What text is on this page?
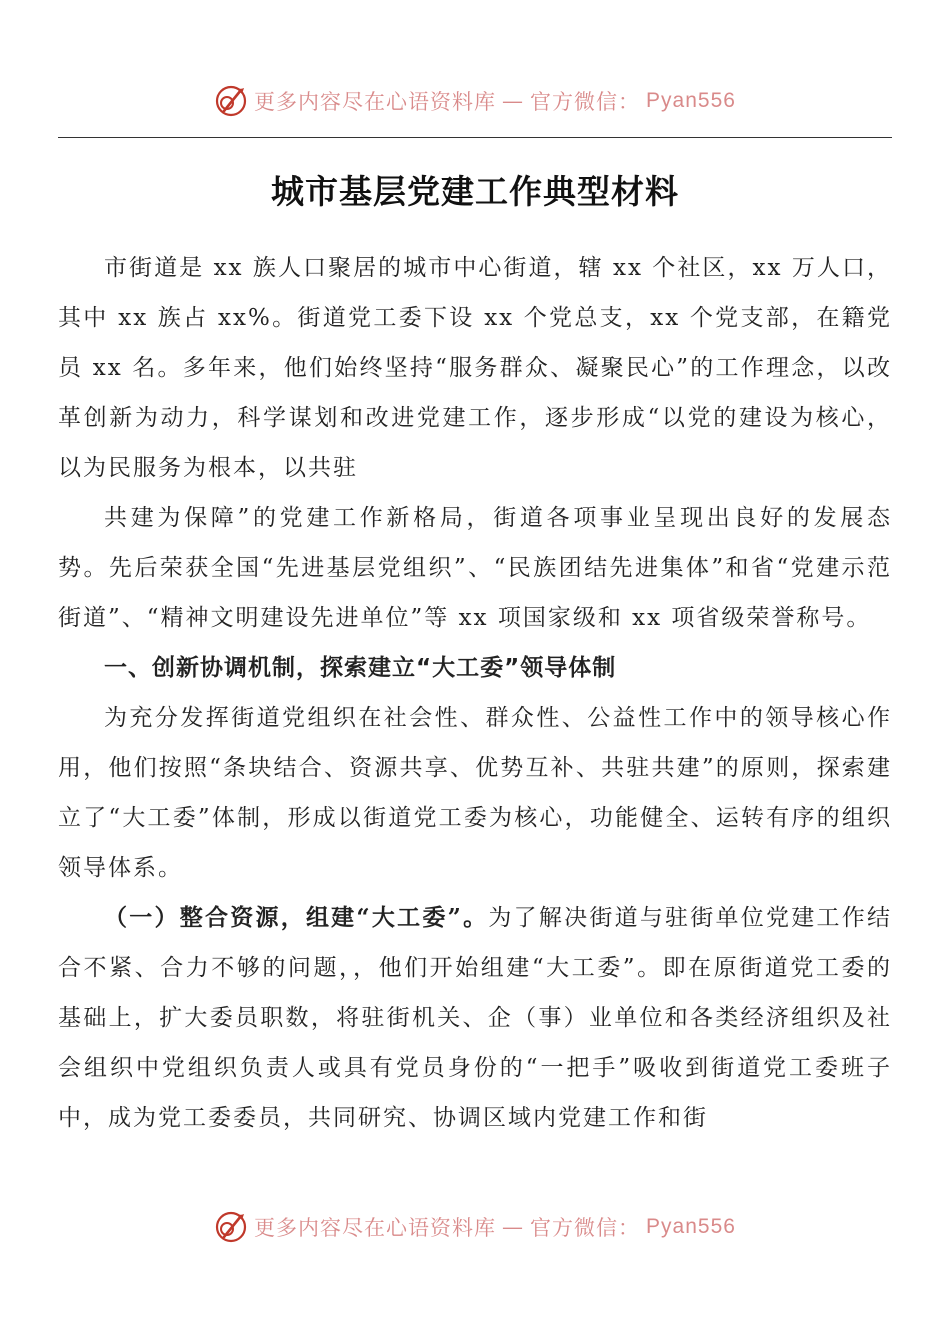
更多内容尽在心语资料库 — 官方微信： Pyan556
城市基层党建工作典型材料

市街道是 xx 族人口聚居的城市中心街道，辖 xx 个社区，xx 万人口，其中 xx 族占 xx%。街道党工委下设 xx 个党总支，xx 个党支部，在籍党员 xx 名。多年来，他们始终坚持“服务群众、凝聚民心”的工作理念，以改革创新为动力，科学谋划和改进党建工作，逐步形成“以党的建设为核心，以为民服务为根本，以共驻

共建为保障”的党建工作新格局，街道各项事业呈现出良好的发展态势。先后荣获全国“先进基层党组织”、“民族团结先进集体”和省“党建示范街道”、“精神文明建设先进单位”等 xx 项国家级和 xx 项省级荣誉称号。

一、创新协调机制，探索建立“大工委”领导体制

为充分发挥街道党组织在社会性、群众性、公益性工作中的领导核心作用，他们按照“条块结合、资源共享、优势互补、共驻共建”的原则，探索建立了“大工委”体制，形成以街道党工委为核心，功能健全、运转有序的组织领导体系。

（一）整合资源，组建“大工委”。为了解决街道与驻街单位党建工作结合不紧、合力不够的问题，，他们开始组建“大工委”。即在原街道党工委的基础上，扩大委员职数，将驻街机关、企（事）业单位和各类经济组织及社会组织中党组织负责人或具有党员身份的“一把手”吸收到街道党工委班子中，成为党工委委员，共同研究、协调区域内党建工作和街

更多内容尽在心语资料库 — 官方微信： Pyan556
